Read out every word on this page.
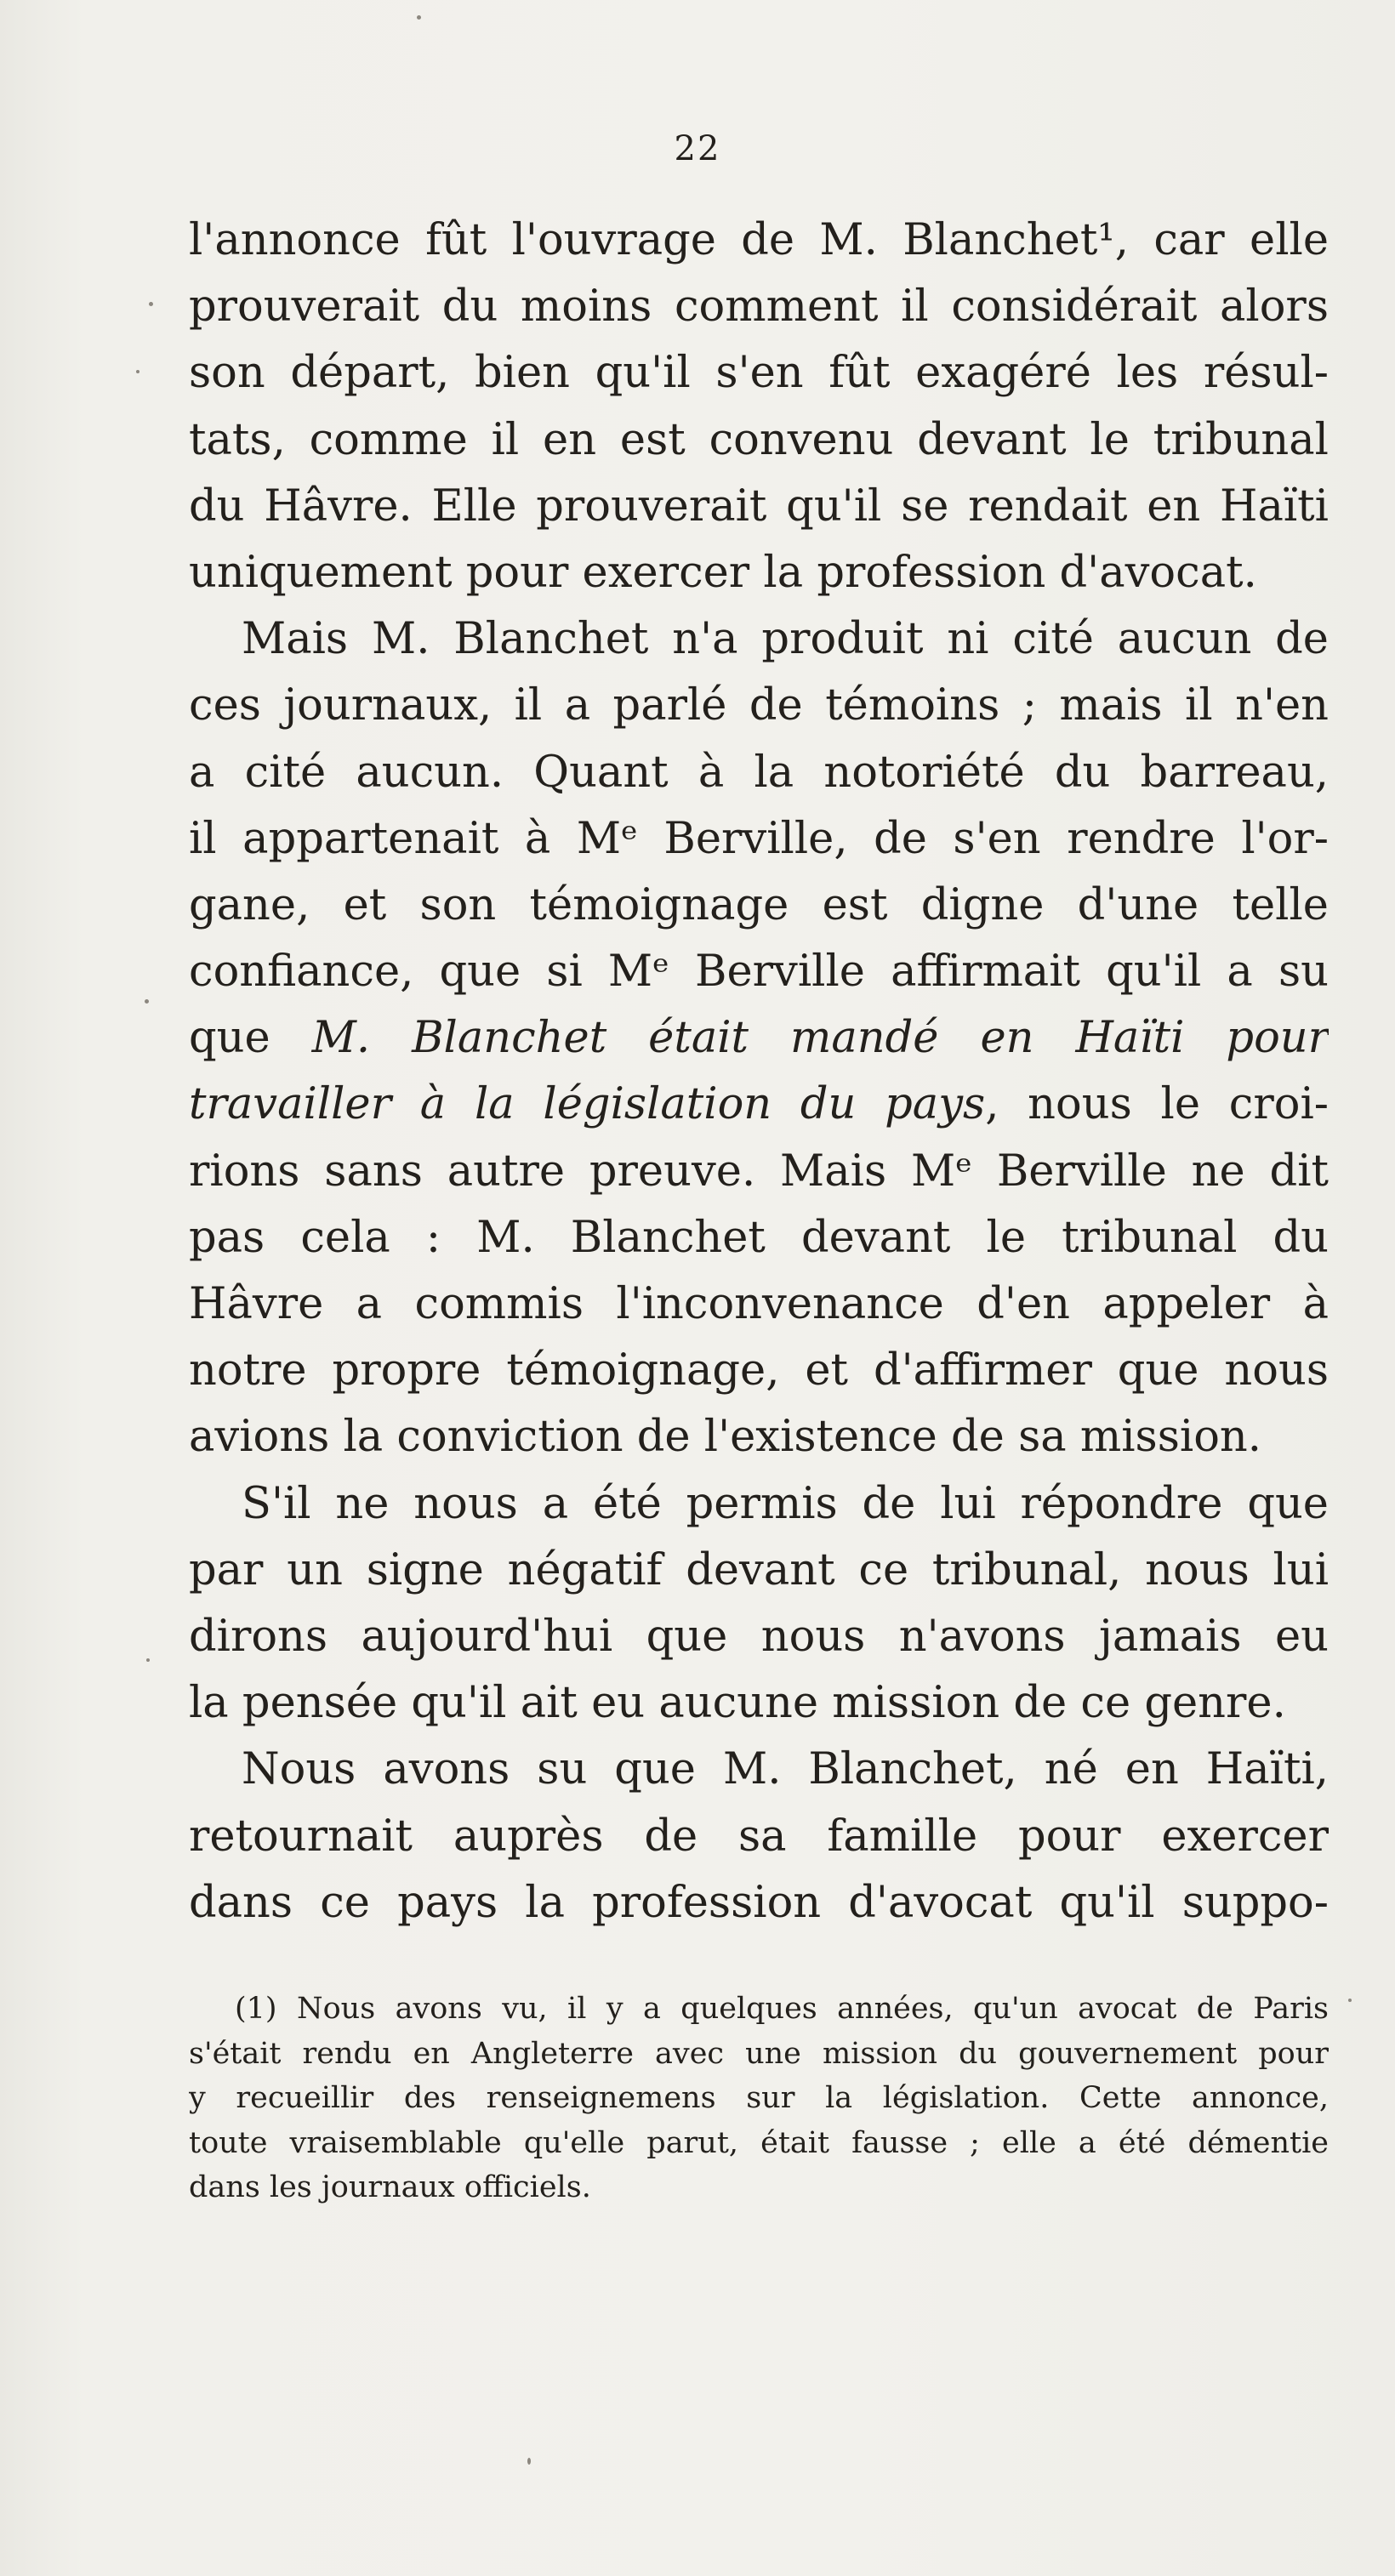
22
l'annonce fût l'ouvrage de M. Blanchet¹, car elle
prouverait du moins comment il considérait alors
son départ, bien qu'il s'en fût exagéré les résul-
tats, comme il en est convenu devant le tribunal
du Hâvre. Elle prouverait qu'il se rendait en Haïti
uniquement pour exercer la profession d'avocat.
Mais M. Blanchet n'a produit ni cité aucun de
ces journaux, il a parlé de témoins ; mais il n'en
a cité aucun. Quant à la notoriété du barreau,
il appartenait à Mᵉ Berville, de s'en rendre l'or-
gane, et son témoignage est digne d'une telle
confiance, que si Mᵉ Berville affirmait qu'il a su
que M. Blanchet était mandé en Haïti pour
travailler à la législation du pays, nous le croi-
rions sans autre preuve. Mais Mᵉ Berville ne dit
pas cela : M. Blanchet devant le tribunal du
Hâvre a commis l'inconvenance d'en appeler à
notre propre témoignage, et d'affirmer que nous
avions la conviction de l'existence de sa mission.
S'il ne nous a été permis de lui répondre que
par un signe négatif devant ce tribunal, nous lui
dirons aujourd'hui que nous n'avons jamais eu
la pensée qu'il ait eu aucune mission de ce genre.
Nous avons su que M. Blanchet, né en Haïti,
retournait auprès de sa famille pour exercer
dans ce pays la profession d'avocat qu'il suppo-
(1) Nous avons vu, il y a quelques années, qu'un avocat de Paris
s'était rendu en Angleterre avec une mission du gouvernement pour
y recueillir des renseignemens sur la législation. Cette annonce,
toute vraisemblable qu'elle parut, était fausse ; elle a été démentie
dans les journaux officiels.
